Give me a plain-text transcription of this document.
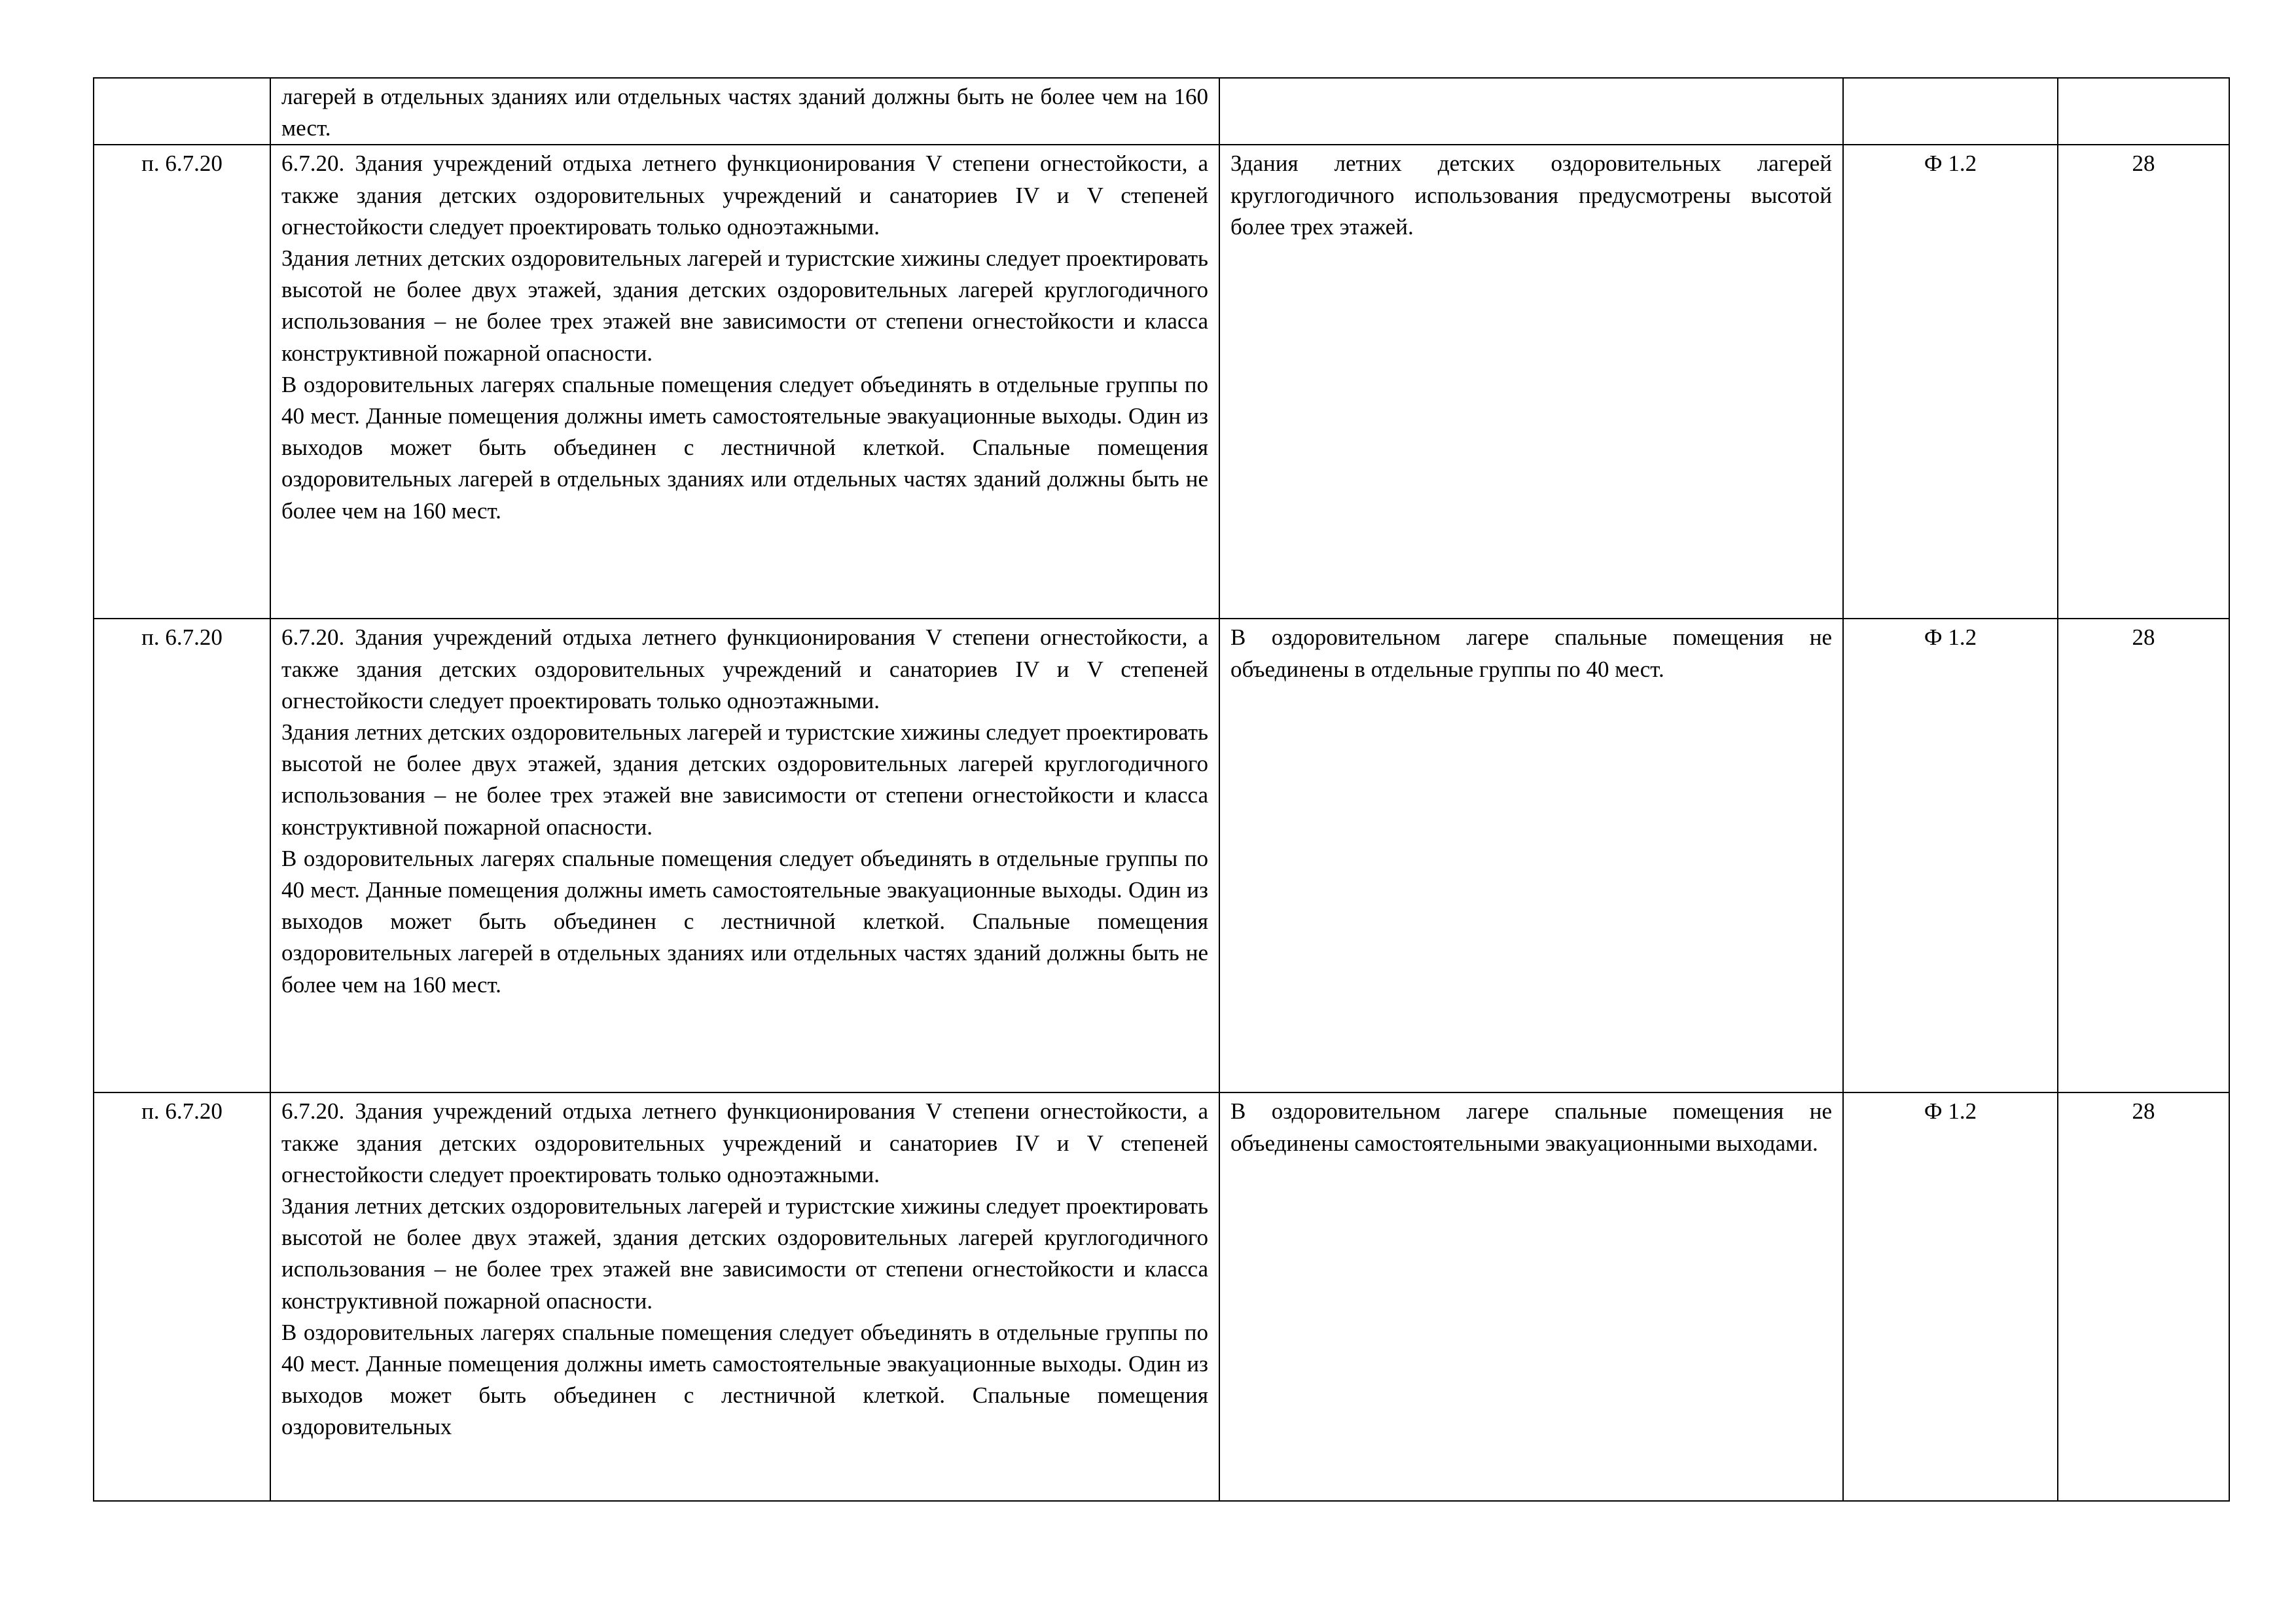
	лагерей в отдельных зданиях или отдельных частях зданий должны быть не более чем на 160 мест.			

п. 6.7.20	6.7.20. Здания учреждений отдыха летнего функционирования V степени огнестойкости, а также здания детских оздоровительных учреждений и санаториев IV и V степеней огнестойкости следует проектировать только одноэтажными.
Здания летних детских оздоровительных лагерей и туристские хижины следует проектировать высотой не более двух этажей, здания детских оздоровительных лагерей круглогодичного использования – не более трех этажей вне зависимости от степени огнестойкости и класса конструктивной пожарной опасности.
В оздоровительных лагерях спальные помещения следует объединять в отдельные группы по 40 мест. Данные помещения должны иметь самостоятельные эвакуационные выходы. Один из выходов может быть объединен с лестничной клеткой. Спальные помещения оздоровительных лагерей в отдельных зданиях или отдельных частях зданий должны быть не более чем на 160 мест.	Здания летних детских оздоровительных лагерей круглогодичного использования предусмотрены высотой более трех этажей.	Ф 1.2	28
п. 6.7.20	6.7.20. Здания учреждений отдыха летнего функционирования V степени огнестойкости, а также здания детских оздоровительных учреждений и санаториев IV и V степеней огнестойкости следует проектировать только одноэтажными.
Здания летних детских оздоровительных лагерей и туристские хижины следует проектировать высотой не более двух этажей, здания детских оздоровительных лагерей круглогодичного использования – не более трех этажей вне зависимости от степени огнестойкости и класса конструктивной пожарной опасности.
В оздоровительных лагерях спальные помещения следует объединять в отдельные группы по 40 мест. Данные помещения должны иметь самостоятельные эвакуационные выходы. Один из выходов может быть объединен с лестничной клеткой. Спальные помещения оздоровительных лагерей в отдельных зданиях или отдельных частях зданий должны быть не более чем на 160 мест.	В оздоровительном лагере спальные помещения не объединены в отдельные группы по 40 мест.	Ф 1.2	28
п. 6.7.20	6.7.20. Здания учреждений отдыха летнего функционирования V степени огнестойкости, а также здания детских оздоровительных учреждений и санаториев IV и V степеней огнестойкости следует проектировать только одноэтажными.
Здания летних детских оздоровительных лагерей и туристские хижины следует проектировать высотой не более двух этажей, здания детских оздоровительных лагерей круглогодичного использования – не более трех этажей вне зависимости от степени огнестойкости и класса конструктивной пожарной опасности.
В оздоровительных лагерях спальные помещения следует объединять в отдельные группы по 40 мест. Данные помещения должны иметь самостоятельные эвакуационные выходы. Один из выходов может быть объединен с лестничной клеткой. Спальные помещения оздоровительных	В оздоровительном лагере спальные помещения не объединены самостоятельными эвакуационными выходами.	Ф 1.2	28
